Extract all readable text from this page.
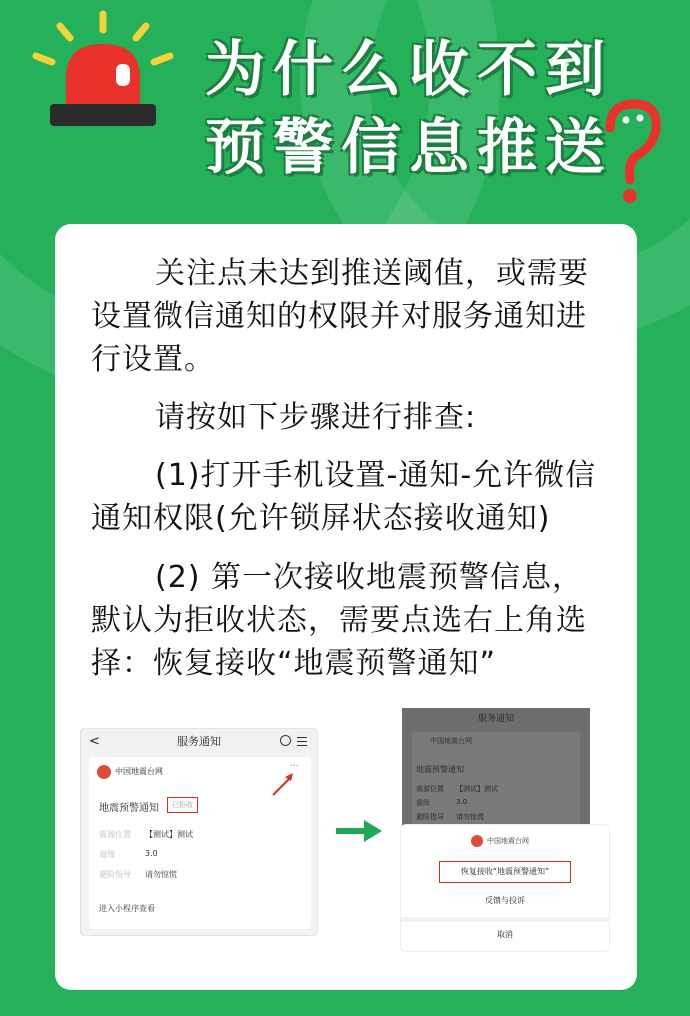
为什么收不到
预警信息推送
关注点未达到推送阈值，或需要设置微信通知的权限并对服务通知进行设置。
请按如下步骤进行排查:
(1)打开手机设置-通知-允许微信通知权限(允许锁屏状态接收通知)
(2) 第一次接收地震预警信息，默认为拒收状态，需要点选右上角选择：恢复接收“地震预警通知”
服务通知
<
中国地震台网	···
地震预警通知	已拒收
震源位置 【测试】测试
震级	3.0
避险指导 请勿惊慌
进入小程序查看
服务通知
中国地震台网
地震预警通知
震源位置 【测试】测试
震级	3.0
避险指导 请勿惊慌
中国地震台网
恢复接收“地震预警通知”
反馈与投诉
取消
